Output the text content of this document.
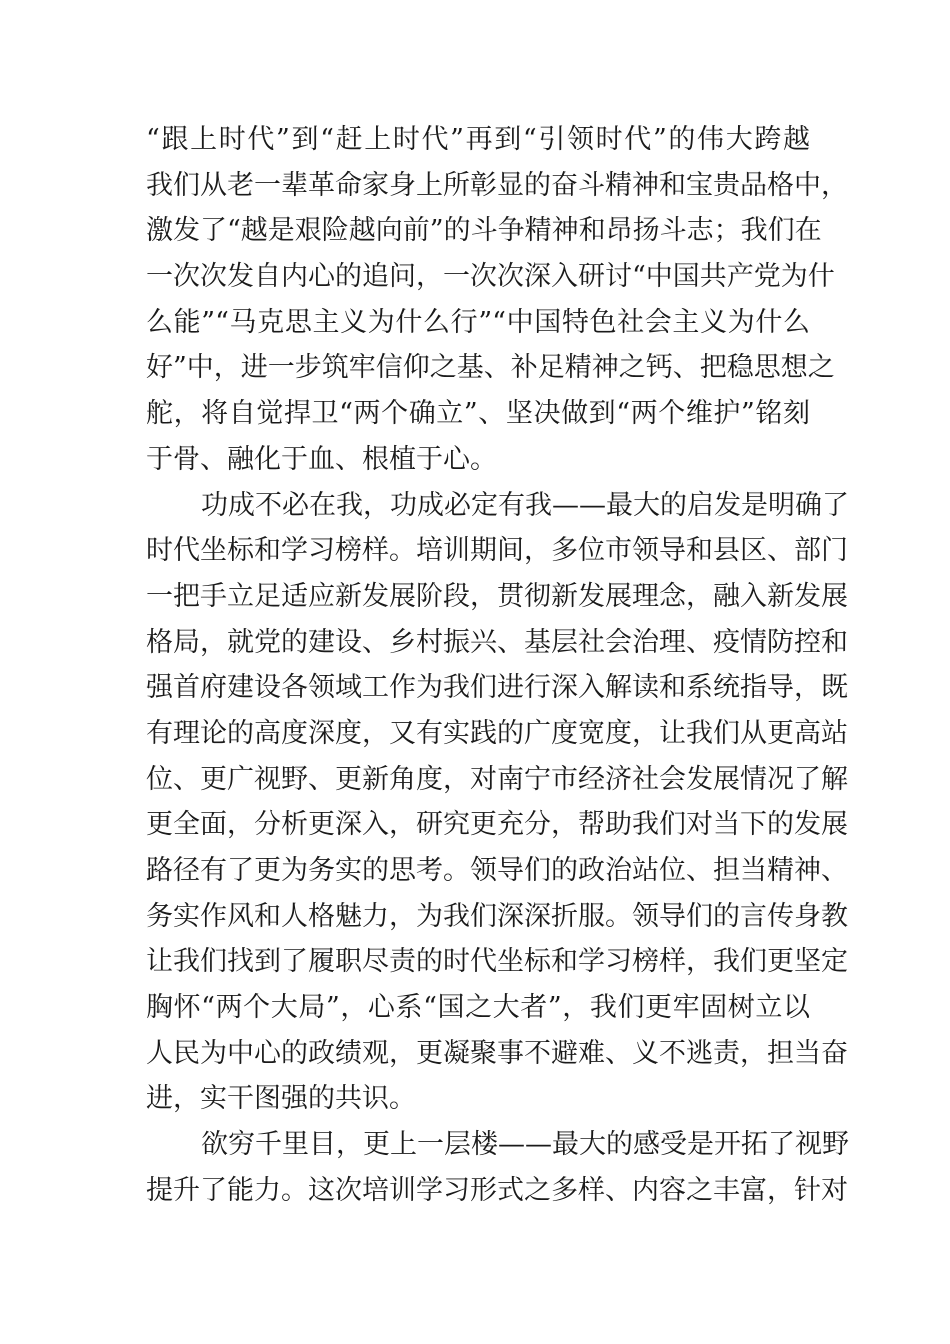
“跟上时代”到“赶上时代”再到“引领时代”的伟大跨越
我们从老一辈革命家身上所彰显的奋斗精神和宝贵品格中，
激发了“越是艰险越向前”的斗争精神和昂扬斗志；我们在
一次次发自内心的追问，一次次深入研讨“中国共产党为什
么能”“马克思主义为什么行”“中国特色社会主义为什么
好”中，进一步筑牢信仰之基、补足精神之钙、把稳思想之
舵，将自觉捍卫“两个确立”、坚决做到“两个维护”铭刻
于骨、融化于血、根植于心。
功成不必在我，功成必定有我——最大的启发是明确了
时代坐标和学习榜样。培训期间，多位市领导和县区、部门
一把手立足适应新发展阶段，贯彻新发展理念，融入新发展
格局，就党的建设、乡村振兴、基层社会治理、疫情防控和
强首府建设各领域工作为我们进行深入解读和系统指导，既
有理论的高度深度，又有实践的广度宽度，让我们从更高站
位、更广视野、更新角度，对南宁市经济社会发展情况了解
更全面，分析更深入，研究更充分，帮助我们对当下的发展
路径有了更为务实的思考。领导们的政治站位、担当精神、
务实作风和人格魅力，为我们深深折服。领导们的言传身教
让我们找到了履职尽责的时代坐标和学习榜样，我们更坚定
胸怀“两个大局”，心系“国之大者”，我们更牢固树立以
人民为中心的政绩观，更凝聚事不避难、义不逃责，担当奋
进，实干图强的共识。
欲穷千里目，更上一层楼——最大的感受是开拓了视野
提升了能力。这次培训学习形式之多样、内容之丰富，针对
